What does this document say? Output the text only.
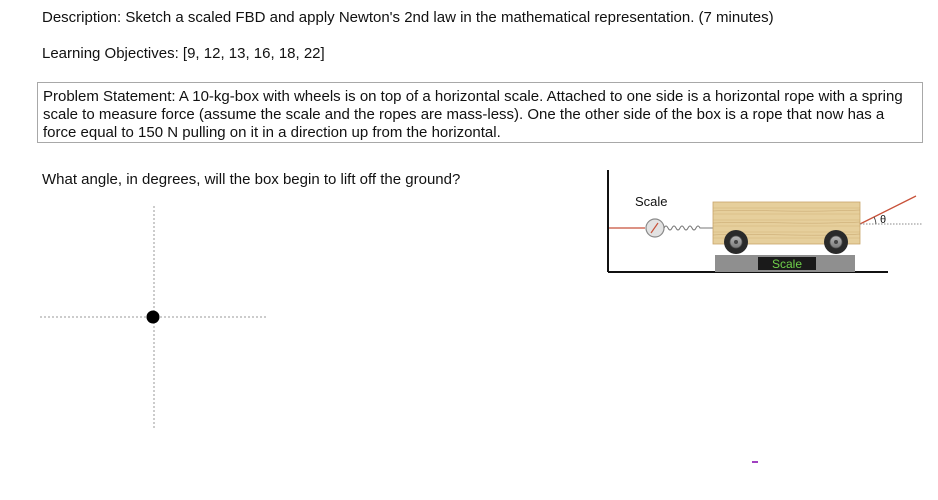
Description: Sketch a scaled FBD and apply Newton's 2nd law in the mathematical representation. (7 minutes)
Learning Objectives: [9, 12, 13, 16, 18, 22]
Problem Statement: A 10-kg-box with wheels is on top of a horizontal scale. Attached to one side is a horizontal rope with a spring scale to measure force (assume the scale and the ropes are mass-less). One the other side of the box is a rope that now has a force equal to 150 N pulling on it in a direction up from the horizontal.
What angle, in degrees, will the box begin to lift off the ground?
Scale
θ
Scale
